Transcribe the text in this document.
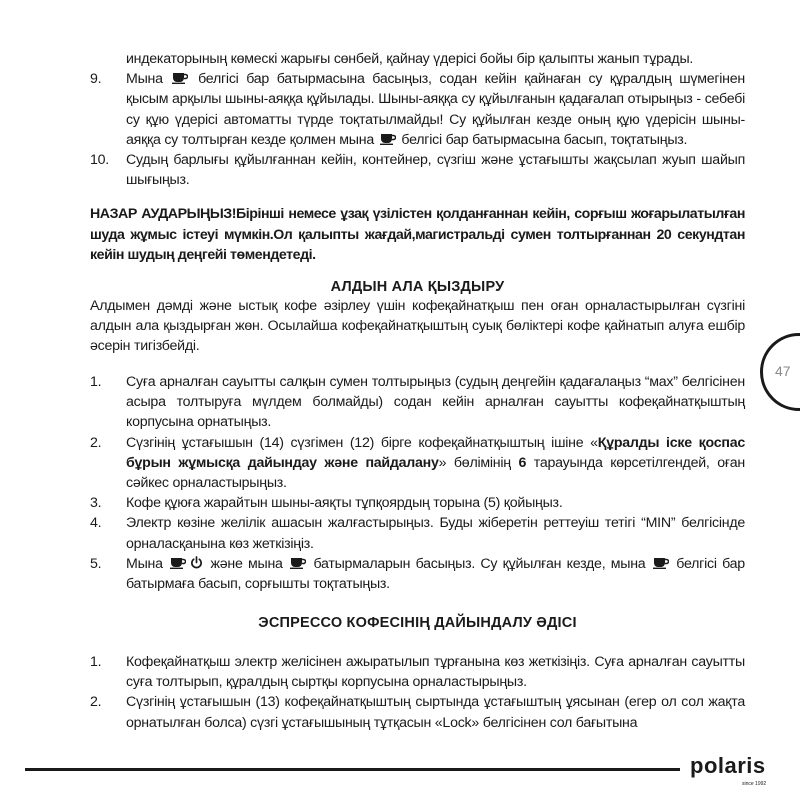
индекаторының көмескі жарығы сөнбей, қайнау үдерісі бойы бір қалыпты жанып тұрады.
9. Мына белгісі бар батырмасына басыңыз, содан кейін қайнаған су құралдың шүмегінен қысым арқылы шыны-аяққа құйылады. Шыны-аяққа су құйылғанын қадағалап отырыңыз - себебі су құю үдерісі автоматты түрде тоқтатылмайды! Су құйылған кезде оның құю үдерісін шыны-аяққа су толтырған кезде қолмен мына белгісі бар батырмасына басып, тоқтатыңыз.
10. Судың барлығы құйылғаннан кейін, контейнер, сүзгіш және ұстағышты жақсылап жуып шайып шығыңыз.
НАЗАР АУДАРЫҢЫЗ!Бірінші немесе ұзақ үзілістен қолданғаннан кейін, сорғыш жоғарылатылған шуда жұмыс істеуі мүмкін.Ол қалыпты жағдай,магистральді сумен толтырғаннан 20 секундтан кейін шудың деңгейі төмендетеді.
АЛДЫН АЛА ҚЫЗДЫРУ
Алдымен дәмді және ыстық кофе әзірлеу үшін кофеқайнатқыш пен оған орналастырылған сүзгіні алдын ала қыздырған жөн. Осылайша кофеқайнатқыштың суық бөліктері кофе қайнатып алуға ешбір әсерін тигізбейді.
1. Суға арналған сауытты салқын сумен толтырыңыз (судың деңгейін қадағалаңыз “мах” белгісінен асыра толтыруға мүлдем болмайды) содан кейін арналған сауытты кофеқайнатқыштың корпусына орнатыңыз.
2. Сүзгінің ұстағышын (14) сүзгімен (12) бірге кофеқайнатқыштың ішіне «Құралды іске қоспас бұрын жұмысқа дайындау және пайдалану» бөлімінің 6 тарауында көрсетілгендей, оған сәйкес орналастырыңыз.
3. Кофе құюға жарайтын шыны-аяқты тұпқоярдың торына (5) қойыңыз.
4. Электр көзіне желілік ашасын жалғастырыңыз. Буды жіберетін реттеуіш тетігі “MIN” белгісінде орналасқанына көз жеткізіңіз.
5. Мына	және мына батырмаларын басыңыз. Су құйылған кезде, мына белгісі бар батырмаға басып, сорғышты тоқтатыңыз.
ЭСПРЕССО КОФЕСІНІҢ ДАЙЫНДАЛУ ӘДІСІ
1. Кофеқайнатқыш электр желісінен ажыратылып тұрғанына көз жеткізіңіз. Суға арналған сауытты суға толтырып, құралдың сыртқы корпусына орналастырыңыз.
2. Сүзгінің ұстағышын (13) кофеқайнатқыштың сыртында ұстағыштың ұясынан (егер ол сол жақта орнатылған болса) сүзгі ұстағышының тұтқасын «Lock» белгісінен сол бағытына
47
polaris
since 1992
